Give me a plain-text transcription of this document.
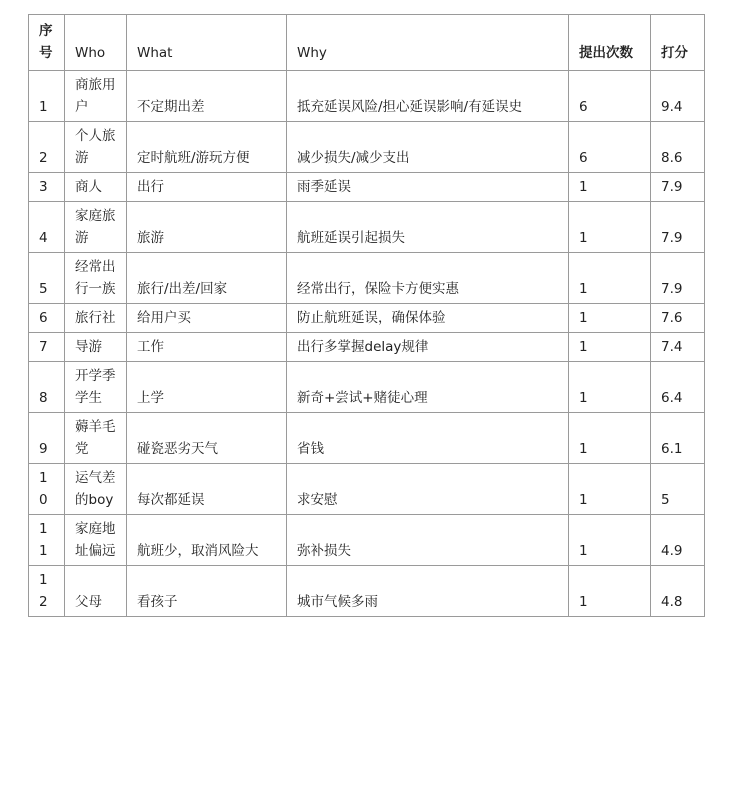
序号	Who	What	Why	提出次数	打分
1	商旅用户	不定期出差	抵充延误风险/担心延误影响/有延误史	6	9.4
2	个人旅游	定时航班/游玩方便	减少损失/减少支出	6	8.6
3	商人	出行	雨季延误	1	7.9
4	家庭旅游	旅游	航班延误引起损失	1	7.9
5	经常出行一族	旅行/出差/回家	经常出行，保险卡方便实惠	1	7.9
6	旅行社	给用户买	防止航班延误，确保体验	1	7.6
7	导游	工作	出行多掌握delay规律	1	7.4
8	开学季学生	上学	新奇+尝试+赌徒心理	1	6.4
9	薅羊毛党	碰瓷恶劣天气	省钱	1	6.1
10	运气差的boy	每次都延误	求安慰	1	5
11	家庭地址偏远	航班少，取消风险大	弥补损失	1	4.9
12	父母	看孩子	城市气候多雨	1	4.8
